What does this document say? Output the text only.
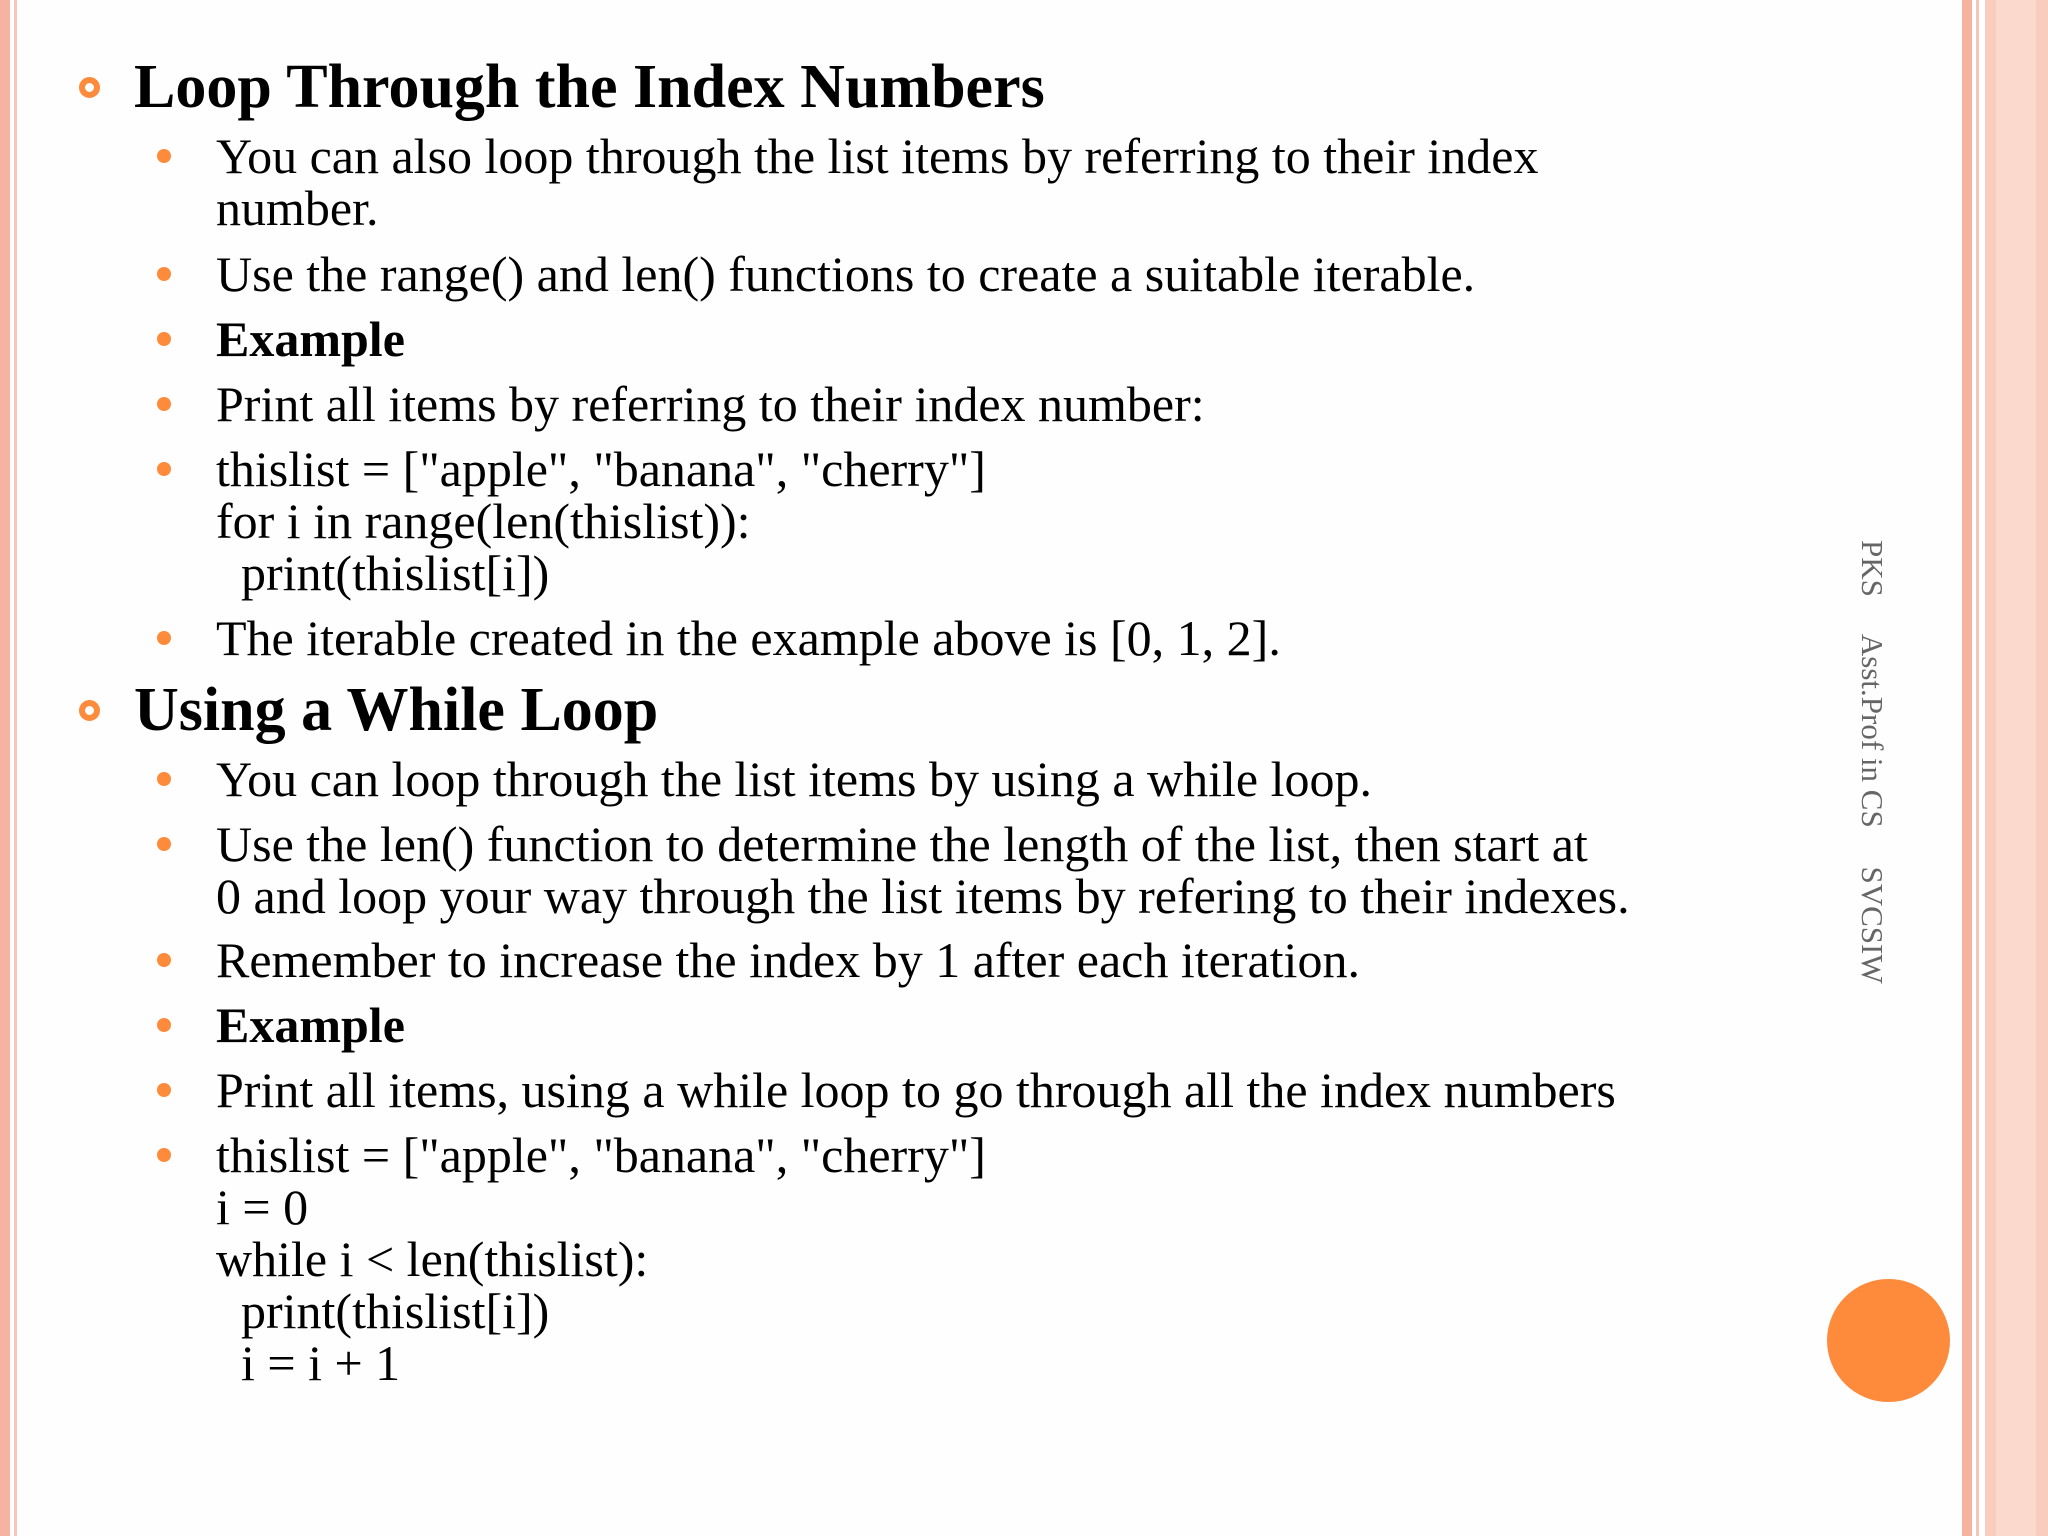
PKS     Asst.Prof in CS     SVCSIW
Loop Through the Index Numbers
You can also loop through the list items by referring to their index
number.
Use the range() and len() functions to create a suitable iterable.
Example
Print all items by referring to their index number:
thislist = ["apple", "banana", "cherry"]
for i in range(len(thislist)):
print(thislist[i])
The iterable created in the example above is [0, 1, 2].
Using a While Loop
You can loop through the list items by using a while loop.
Use the len() function to determine the length of the list, then start at
0 and loop your way through the list items by refering to their indexes.
Remember to increase the index by 1 after each iteration.
Example
Print all items, using a while loop to go through all the index numbers
thislist = ["apple", "banana", "cherry"]
i = 0
while i < len(thislist):
print(thislist[i])
i = i + 1
